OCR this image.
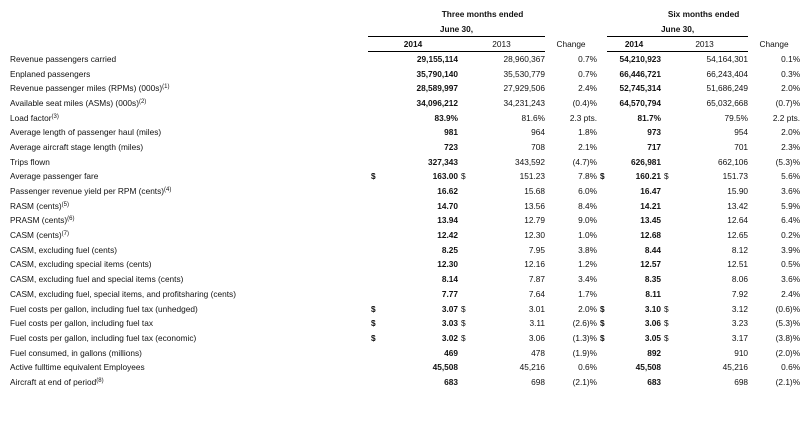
	Three months ended						Six months ended			
	June 30,						June 30,			
	2014		2013		Change		2014	2013		Change
Revenue passengers carried		29,155,114		28,960,367	0.7%		54,210,923		54,164,301	0.1%
Enplaned passengers		35,790,140		35,530,779	0.7%		66,446,721		66,243,404	0.3%
Revenue passenger miles (RPMs) $(000s)^{(1)}$		28,589,997		27,929,506	2.4%		52,745,314		51,686,249	2.0%
Available seat miles (ASMs) $(000s)^{(2)}$		34,096,212		34,231,243	(0.4)%		64,570,794		65,032,668	(0.7)%
Load factor$^{(3)}$		83.9%		81.6%	2.3 pts.		81.7%		79.5%	2.2 pts.
Average length of passenger haul (miles)		981		964	1.8%		973		954	2.0%
Average aircraft stage length (miles)		723		708	2.1%		717		701	2.3%
Trips flown		327,343		343,592	(4.7)%		626,981		662,106	(5.3)%
Average passenger fare	$	163.00	$	151.23	7.8%	$	160.21	$	151.73	5.6%
Passenger revenue yield per RPM (cents)$^{(4)}$		16.62		15.68	6.0%		16.47		15.90	3.6%
RASM (cents)$^{(5)}$		14.70		13.56	8.4%		14.21		13.42	5.9%
PRASM (cents)$^{(6)}$		13.94		12.79	9.0%		13.45		12.64	6.4%
CASM (cents)$^{(7)}$		12.42		12.30	1.0%		12.68		12.65	0.2%
CASM, excluding fuel (cents)		8.25		7.95	3.8%		8.44		8.12	3.9%
CASM, excluding special items (cents)		12.30		12.16	1.2%		12.57		12.51	0.5%
CASM, excluding fuel and special items (cents)		8.14		7.87	3.4%		8.35		8.06	3.6%
CASM, excluding fuel, special items, and profitsharing (cents)		7.77		7.64	1.7%		8.11		7.92	2.4%
Fuel costs per gallon, including fuel tax (unhedged)	$	3.07	$	3.01	2.0%	$	3.10	$	3.12	(0.6)%
Fuel costs per gallon, including fuel tax	$	3.03	$	3.11	(2.6)%	$	3.06	$	3.23	(5.3)%
Fuel costs per gallon, including fuel tax (economic)	$	3.02	$	3.06	(1.3)%	$	3.05	$	3.17	(3.8)%
Fuel consumed, in gallons (millions)		469		478	(1.9)%		892		910	(2.0)%
Active fulltime equivalent Employees		45,508		45,216	0.6%		45,508		45,216	0.6%
Aircraft at end of period$^{(8)}$		683		698	(2.1)%		683		698	(2.1)%
